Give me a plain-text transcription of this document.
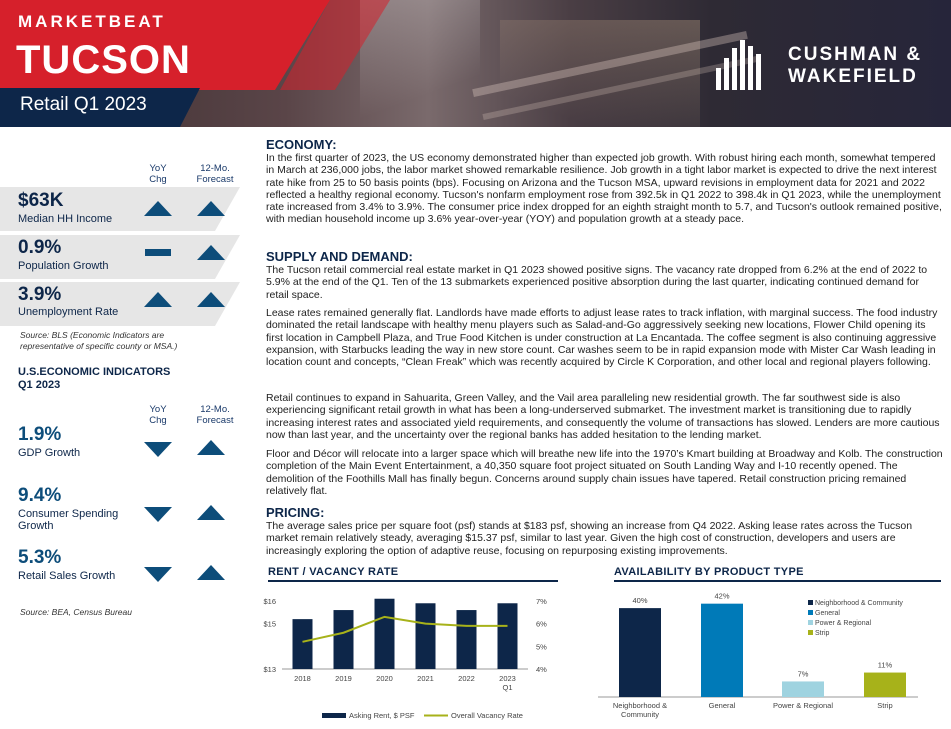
MARKETBEAT
TUCSON
Retail Q1 2023
CUSHMAN &
WAKEFIELD
YoY
Chg
12-Mo.
Forecast
$63K
Median HH Income
0.9%
Population Growth
3.9%
Unemployment Rate
Source: BLS (Economic Indicators are representative of specific county or MSA.)
U.S.ECONOMIC INDICATORS
Q1 2023
YoY
Chg
12-Mo.
Forecast
1.9%
GDP Growth
9.4%
Consumer Spending Growth
5.3%
Retail Sales Growth
Source: BEA, Census Bureau
ECONOMY:
In the first quarter of 2023, the US economy demonstrated higher than expected job growth. With robust hiring each month, somewhat tempered in March at 236,000 jobs, the labor market showed remarkable resilience. Job growth in a tight labor market is expected to drive the next interest rate hike from 25 to 50 basis points (bps). Focusing on Arizona and the Tucson MSA, upward revisions in employment data for 2021 and 2022 reflected a healthy regional economy. Tucson's nonfarm employment rose from 392.5k in Q1 2022 to 398.4k in Q1 2023, while the unemployment rate increased from 3.4% to 3.9%. The consumer price index dropped for an eighth straight month to 5.7, and Tucson's outlook remained positive, with median household income up 3.6% year-over-year (YOY) and population growth at a steady pace.
SUPPLY AND DEMAND:
The Tucson retail commercial real estate market in Q1 2023 showed positive signs. The vacancy rate dropped from 6.2% at the end of 2022 to 5.9% at the end of the Q1. Ten of the 13 submarkets experienced positive absorption during the last quarter, indicating continued demand for retail space.
Lease rates remained generally flat. Landlords have made efforts to adjust lease rates to track inflation, with marginal success. The food industry dominated the retail landscape with healthy menu players such as Salad-and-Go aggressively seeking new locations, Flower Child opening its first location in Campbell Plaza, and True Food Kitchen is under construction at La Encantada. The coffee segment is also continuing aggressive expansion, with Starbucks leading the way in new store count. Car washes seem to be in rapid expansion mode with Mister Car Wash leading in location count and concepts, “Clean Freak” which was recently acquired by Circle K Corporation, and other local and regional players following.
Retail continues to expand in Sahuarita, Green Valley, and the Vail area paralleling new residential growth. The far southwest side is also experiencing significant retail growth in what has been a long-underserved submarket. The investment market is transitioning due to rapidly increasing interest rates and associated yield requirements, and consequently the volume of transactions has slowed. Lenders are more cautious now than last year, and the uncertainty over the regional banks has added hesitation to the lending market.
Floor and Décor will relocate into a larger space which will breathe new life into the 1970’s Kmart building at Broadway and Kolb. The construction completion of the Main Event Entertainment, a 40,350 square foot project situated on South Landing Way and I-10 recently opened. The demolition of the Foothills Mall has finally begun. Concerns around supply chain issues have tapered. Retail construction pricing remained relatively flat.
PRICING:
The average sales price per square foot (psf) stands at $183 psf, showing an increase from Q4 2022. Asking lease rates across the Tucson market remain relatively steady, averaging $15.37 psf, similar to last year. Given the high cost of construction, developers and users are increasingly exploring the option of adaptive reuse, focusing on repurposing existing improvements.
RENT / VACANCY RATE
$13
$15
$16
4%
5%
6%
7%
2018	2019	2020	2021	2022	2023
Q1
Asking Rent, $ PSF	Overall Vacancy Rate
AVAILABILITY BY PRODUCT TYPE
40%
Neighborhood &
Community
42%
General
7%
Power & Regional
11%
Strip
Neighborhood & Community
General
Power & Regional
Strip
